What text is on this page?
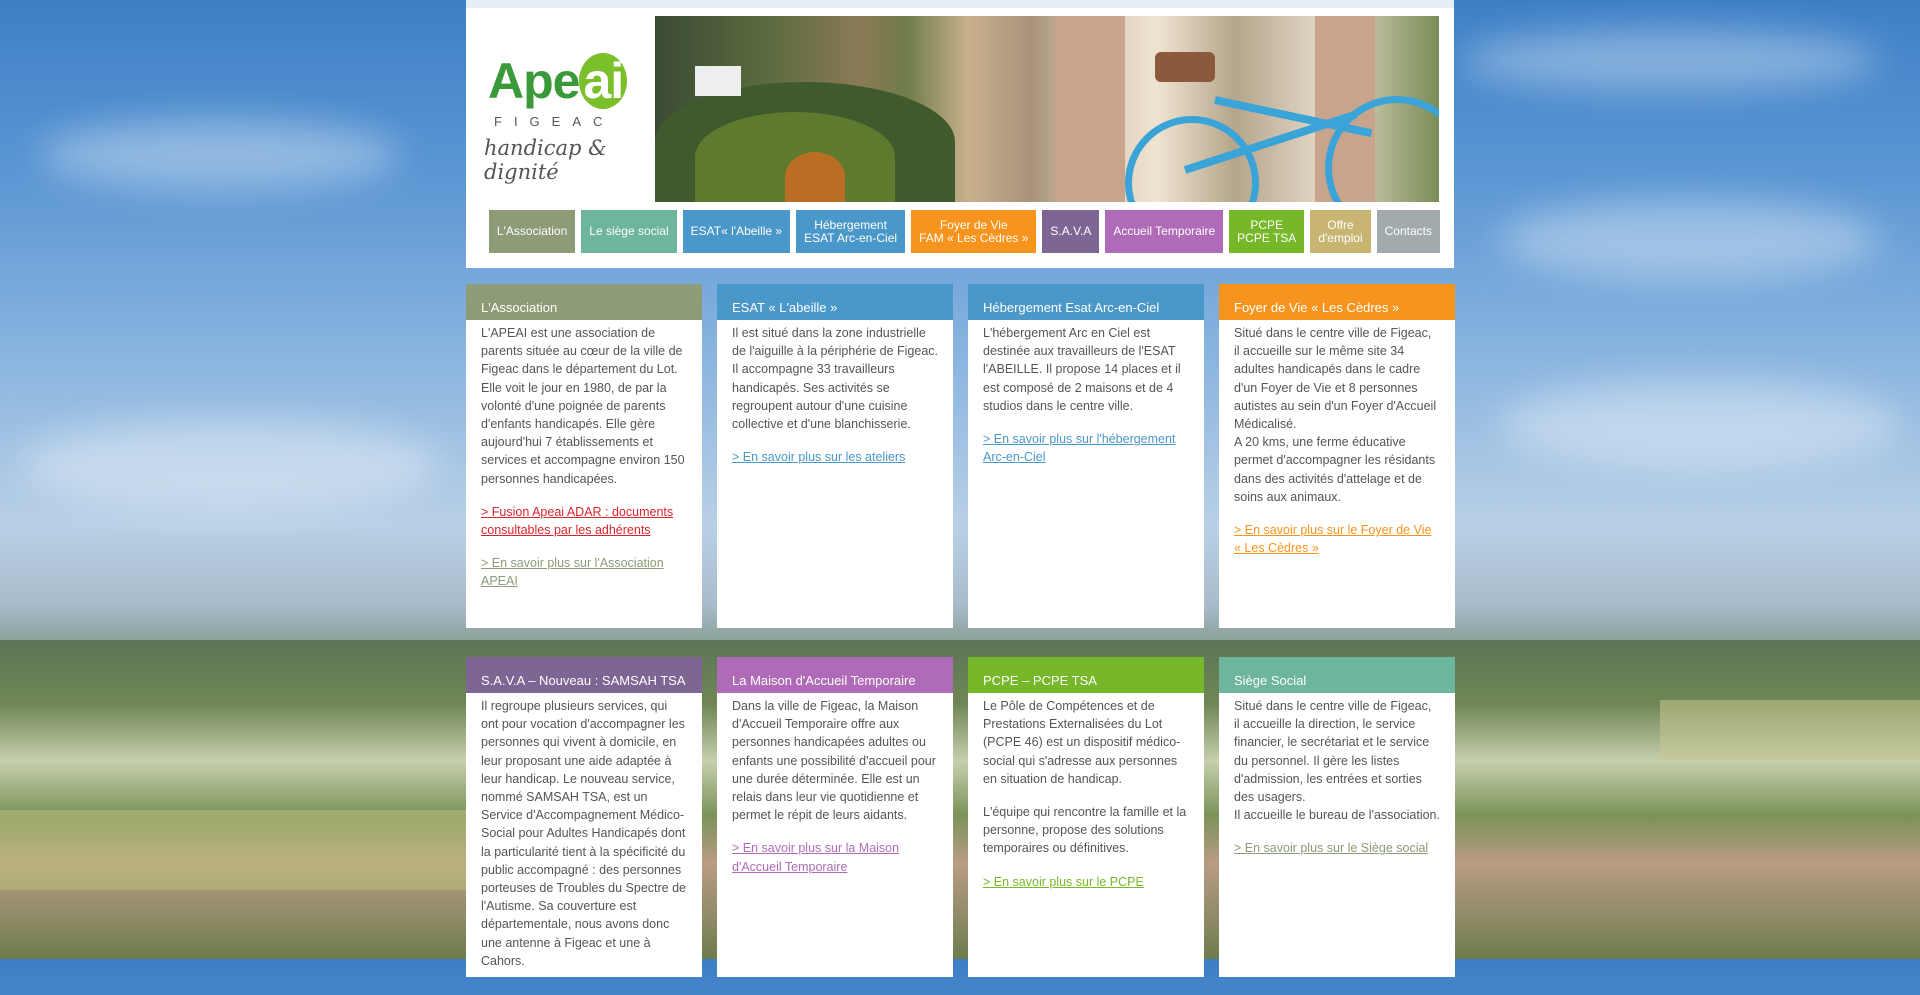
Apeai
FIGEAC
handicap & dignité
L'Association	Le siège social	ESAT« l'Abeille »	Hébergement
ESAT Arc-en-Ciel
Foyer de Vie
FAM « Les Cèdres »	S.A.V.A	Accueil Temporaire	PCPE
PCPE TSA
Offre
d'emploi	Contacts
L'Association

L'APEAI est une association de parents située au cœur de la ville de Figeac dans le département du Lot. Elle voit le jour en 1980, de par la volonté d'une poignée de parents d'enfants handicapés. Elle gère aujourd'hui 7 établissements et services et accompagne environ 150 personnes handicapées.

> Fusion Apeai ADAR : documents consultables par les adhérents
> En savoir plus sur l'Association APEAI
ESAT « L'abeille »

Il est situé dans la zone industrielle de l'aiguille à la périphérie de Figeac. Il accompagne 33 travailleurs handicapés. Ses activités se regroupent autour d'une cuisine collective et d'une blanchisserie.

> En savoir plus sur les ateliers
Hébergement Esat Arc-en-Ciel

L'hébergement Arc en Ciel est destinée aux travailleurs de l'ESAT l'ABEILLE. Il propose 14 places et il est composé de 2 maisons et de 4 studios dans le centre ville.

> En savoir plus sur l'hébergement Arc-en-Ciel
Foyer de Vie « Les Cèdres »

Situé dans le centre ville de Figeac, il accueille sur le même site 34 adultes handicapés dans le cadre d'un Foyer de Vie et 8 personnes autistes au sein d'un Foyer d'Accueil Médicalisé.
A 20 kms, une ferme éducative permet d'accompagner les résidants dans des activités d'attelage et de soins aux animaux.

> En savoir plus sur le Foyer de Vie « Les Cèdres »
S.A.V.A – Nouveau : SAMSAH TSA

Il regroupe plusieurs services, qui ont pour vocation d'accompagner les personnes qui vivent à domicile, en leur proposant une aide adaptée à leur handicap. Le nouveau service, nommé SAMSAH TSA, est un Service d'Accompagnement Médico-Social pour Adultes Handicapés dont la particularité tient à la spécificité du public accompagné : des personnes porteuses de Troubles du Spectre de l'Autisme. Sa couverture est départementale, nous avons donc une antenne à Figeac et une à Cahors.

La Maison d'Accueil Temporaire

Dans la ville de Figeac, la Maison d'Accueil Temporaire offre aux personnes handicapées adultes ou enfants une possibilité d'accueil pour une durée déterminée. Elle est un relais dans leur vie quotidienne et permet le répit de leurs aidants.

> En savoir plus sur la Maison d'Accueil Temporaire
PCPE – PCPE TSA

Le Pôle de Compétences et de Prestations Externalisées du Lot (PCPE 46) est un dispositif médico-social qui s'adresse aux personnes en situation de handicap.

L'équipe qui rencontre la famille et la personne, propose des solutions temporaires ou définitives.

> En savoir plus sur le PCPE
Siège Social

Situé dans le centre ville de Figeac, il accueille la direction, le service financier, le secrétariat et le service du personnel. Il gère les listes d'admission, les entrées et sorties des usagers.
Il accueille le bureau de l'association.

> En savoir plus sur le Siège social
